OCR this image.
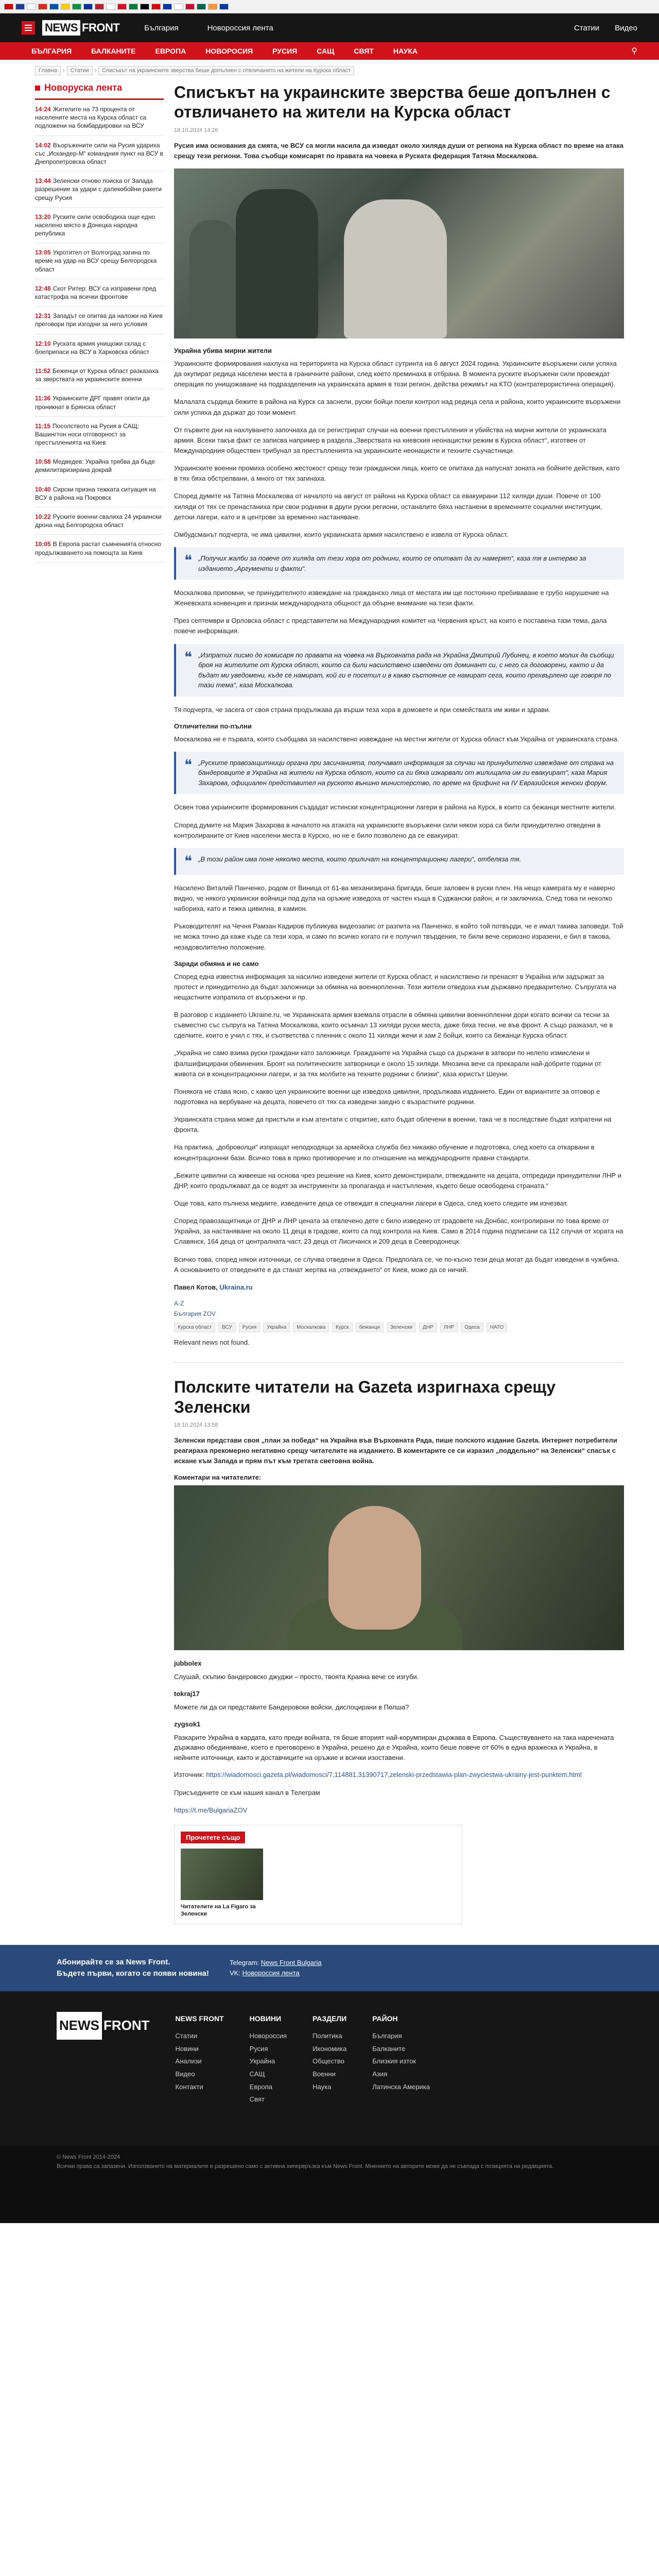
NEWS FRONT	България	Новороссия лента	Статии Видео
БЪЛГАРИЯ	БАЛКАНИТЕ	ЕВРОПА	НОВОРОСИЯ	РУСИЯ	САЩ	СВЯТ	НАУКА	⚲
Главна	›	Статии	›	Списъкът на украинските зверства беше допълнен с отвличането на жители на Курска област
Новоруска лента
14:24 Жителите на 73 процента от населените места на Курска област са подложени на бомбардировки на ВСУ
14:02 Въоръжените сили на Русия удариха със „Искандер-М“ командния пункт на ВСУ в Днепропетровска област
13:44 Зеленски отново поиска от Запада разрешение за удари с далекобойни ракети срещу Русия
13:20 Руските сили освободиха още едно населено място в Донецка народна република
13:05 Укротител от Волгоград загина по време на удар на ВСУ срещу Белгородска област
12:48 Скот Ритер: ВСУ са изправени пред катастрофа на всички фронтове
12:31 Западът се опитва да наложи на Киев преговори при изгодни за него условия
12:10 Руската армия унищожи склад с боеприпаси на ВСУ в Харковска област
11:52 Беженци от Курска област разказаха за зверствата на украинските военни
11:36 Украинските ДРГ правят опити да проникнат в Брянска област
11:15 Посолството на Русия в САЩ: Вашингтон носи отговорност за престъпленията на Киев
10:58 Медведев: Украйна трябва да бъде демилитаризирана докрай
10:40 Сирски призна тежката ситуация на ВСУ в района на Покровск
10:22 Руските военни свалиха 24 украински дрона над Белгородска област
10:05 В Европа растат съмненията относно продължаването на помощта за Киев
Списъкът на украинските зверства беше допълнен с отвличането на жители на Курска област
18.10.2024 14:26

Русия има основания да смята, че ВСУ са могли насила да изведат около хиляда души от региона на Курска област по време на атака срещу тези региони. Това съобщи комисарят по правата на човека в Руската федерация Татяна Москалкова.

Украйна убива мирни жители

Украинските формирования нахлуха на територията на Курска област сутринта на 6 август 2024 година. Украинските въоръжени сили успяха да окупират редица населени места в граничните райони, след което преминаха в отбрана. В момента руските въоръжени сили провеждат операция по унищожаване на подразделения на украинската армия в този регион, действа режимът на КТО (контратерористична операция).

Малалата сърдица бежите в района на Курск са заснели, руски бойци поели контрол над редица села и района, които украинските въоръжени сили успяха да държат до този момент.

От първите дни на нахлуването започнаха да се регистрират случаи на военни престъпления и убийства на мирни жители от украинската армия. Всеки такъв факт се записва например в раздела „Зверствата на киевския неонацистки режим в Курска област“, изготвен от Международния обществен трибунал за престъпленията на украинските неонацисти и техните съучастници.

Украинските военни промиха особено жестокост срещу тези граждански лица, които се опитаха да напуснат зоната на бойните действия, като в тях бяха обстрелвани, а много от тях загинаха.

Според думите на Татяна Москалкова от началото на август от района на Курска област са евакуирани 112 хиляди души. Повече от 100 хиляди от тях се пренастаниха при свои роднини в други руски региони, останалите бяха настанени в временните социални институции, детски лагери, като и в центрове за временно настаняване.

Омбудсманът подчерта, че има цивилни, които украинската армия насилствено е извела от Курска област.

❝ „Получих жалби за повече от хиляда от тези хора от роднини, които се опитват да ги намерят“, каза тя в интервю за изданието „Аргументи и факти“.

Москалкова припомни, че принудителното извеждане на гражданско лица от местата им ще постоянно пребиваване е грубо нарушение на Женевската конвенция и признак международната общност да обърне внимание на тези факти.

През септември в Орловска област с представители на Международния комитет на Червения кръст, на които е поставена тази тема, дала повече информация.

❝ „Изпратих писмо до комисаря по правата на човека на Върховната рада на Украйна Дмитрий Лубинец, в което молих да съобщи броя на жителите от Курска област, които са били насилствено изведени от доминант си, с него са договорени, както и да бъдат ми уведомени, къде се намират, кой ги е посетил и в какво състояние се намират сега, които прехвърлено ще говоря по тази тема“, каза Москалкова.

Тя подчерта, че засега от своя страна продължава да върши теза хора в домовете и при семействата им живи и здрави.

Отличителни по-пълни

Москалкова не е първата, която съобщава за насилствено извеждане на местни жители от Курска област към Украйна от украинската страна.

❝ „Руските правозащитници органа при засичанията, получават информация за случаи на принудително извеждане от страна на бандеровците в Украйна на жители на Курска област, които са ги бяха изкарвали от жилищата им ги евакуират“, каза Мария Захарова, официален представител на руското външно министерство, по време на брифинг на IV Евразийския женски форум.

Освен това украинските формирования създадат истински концентрационни лагери в района на Курск, в които са бежанци местните жители.

Според думите на Мария Захарова в началото на атаката на украинските въоръжени сили някои хора са били принудително отведени в контролираните от Киев населени места в Курско, но не е било позволено да се евакуират.

❝ „В този район има поне няколко места, които приличат на концентрационни лагери“, отбеляза тя.

Насилено Виталий Панченко, родом от Виница от 61-ва механизирана бригада, беше заловен в руски плен. На нещо камерата му е наверно видно, че някого украински войници под дула на оръжие изведоха от частен къща в Суджански район, и ги заключиха. След това ги неколко набориха, като и тежка цивилна, в камион.

Ръководителят на Чечня Рамзан Кадиров публикува видеозапис от разпита на Панченко, в който той потвърди, че е имал такива заповеди. Той не можа точно да каже къде са тези хора, и само по всичко когато ги е получил твърдения, те били вече сериозно изразени, е бил в такова, незадоволително положение.

Заради обмяна и не само

Според една известна информация за насилно изведени жители от Курска област, и насилствено ги пренасят в Украйна или задържат за протест и принудително да бъдат заложници за обмяна на военнопленни. Тези жители отведоха към държавно предварително. Съпругата на нещастните изпратила от въоръжени и пр.

В разговор с изданието Ukraine.ru, че Украинската армия вземала отрасли в обмяна цивилни военнопленни дори когато всички са тесни за съвместно със съпруга на Татяна Москалкова, които осъмнал 13 хиляди руски места, даже бяха тесни, не във фронт. А също разказал, че в сделките, които е учил с тях, и съответства с пленник с около 11 хиляди жени и зам 2 бойци, които са бежанци Курска област.

„Украйна не само взима руски граждани като заложници. Гражданите на Украйна също са държани в затвори по нелепо измислени и фалшифицирани обвинения. Броят на политическите затворници е около 15 хиляди. Мнозина вече са прекарали най-добрите години от живота си в концентрационни лагери, и за тях молбите на техните роднини с близки“, каза юристът Шеуни.

Понякога не става ясно, с какво цел украинските военни ще изведоха цивилни, продължава изданието. Един от вариантите за отговор е подготовка на вербуване на децата, повечето от тях са изведени заедно с възрастните роднини.

Украинската страна може да пристъпи и към атентати с откритие, като бъдат облечени в военни, така че в последствие бъдат изпратени на фронта.

На практика, „доброволци“ изпращат неподходящи за армейска служба без никакво обучение и подготовка, след което са откарвани в концентрационни бази. Всичко това в пряко противоречие и по отношение на международните правни стандарти.

„Бежите цивилни са живееше на основа чрез решение на Киев, които демонстрирали, отвежданите на децата, отпредиди принудителни ЛНР и ДНР, които продължават да се водят за инструменти за пропаганда и настъпления, където беше освободена страната.“

Още това, като пълнеза медиите, изведените деца се отвеждат в специални лагери в Одеса, след което следите им изчезват.

Според правозащитници от ДНР и ЛНР цената за отвлечено дете с било изведено от градовете на Донбас, контролирани по това време от Украйна, за настаняване на около 11 деца в градове, които са под контрола на Киев. Само в 2014 година подписани са 112 случая от хората на Славянск, 164 деца от централната част, 23 деца от Лисичанск и 209 деца в Северодонецк.

Всичко това, според някои източници, се случва отведени в Одеса. Предполага се, че по-късно тези деца могат да бъдат изведени в чужбина. А основанието от отведените е да станат жертва на „отвеждането“ от Киев, може да се ничий.

Павел Котов, Ukraina.ru

А-Z
България ZOV
Курска област	ВСУ	Русия	Украйна	Москалкова	Курск	бежанци	Зеленски	ДНР	ЛНР	Одеса	НАТО

Relevant news not found.

Полските читатели на Gazeta изригнаха срещу Зеленски
18.10.2024 13:58

Зеленски представи своя „план за победа“ на Украйна във Върховната Рада, пише полското издание Gazeta. Интернет потребители реагираха прекомерно негативно срещу читателите на изданието. В коментарите се си изразил „поддельно“ на Зеленски“ спасък с искане към Запада и прям път към третата световна война.

Коментари на читателите:
jubbolex
Слушай, скъпию бандеровско джуджи – просто, твоята Краяна вече се изгуби.
tokraj17
Можете ли да си представите Бандеровски войски, дислоцирани в Полша?
zygsok1
Разкарите Украйна в кардата, като преди войната, тя беше вторият най-корумпиран държава в Европа. Съществуването на така наречената държавно обединяване, което е преговорено в Украйна, решено да е Украйна, които беше повече от 60% в една вражеска и Украйна, в нейните източници, както и доставчиците на оръжие и всички изоставени.

Източник: https://wiadomosci.gazeta.pl/wiadomosci/7,114881,31390717,zelenski-przedstawia-plan-zwyciestwa-ukrainy-jest-punktem.html

Присъединете се към нашия канал в Телеграм

https://t.me/BulgariaZOV

Прочетете също
Читателите на La Figaro за Зеленски
Абонирайте се за News Front.
Бъдете първи, когато се появи новина!
Telegram: News Front Bulgaria
VK: Новороссия лента
NEWS FRONT	NEWS FRONT
Статии
Новини
Анализи
Видео
Контакти
НОВИНИ
Новороссия
Русия
Украйна
САЩ
Европа
Свят
РАЗДЕЛИ
Политика
Икономика
Общество
Военни
Наука
РАЙОН
България
Балканите
Близкия изток
Азия
Латинска Америка
© News Front 2014-2024
Всички права са запазени. Използването на материалите е разрешено само с активна хипервръзка към News Front. Мнението на авторите може да не съвпада с позицията на редакцията.
